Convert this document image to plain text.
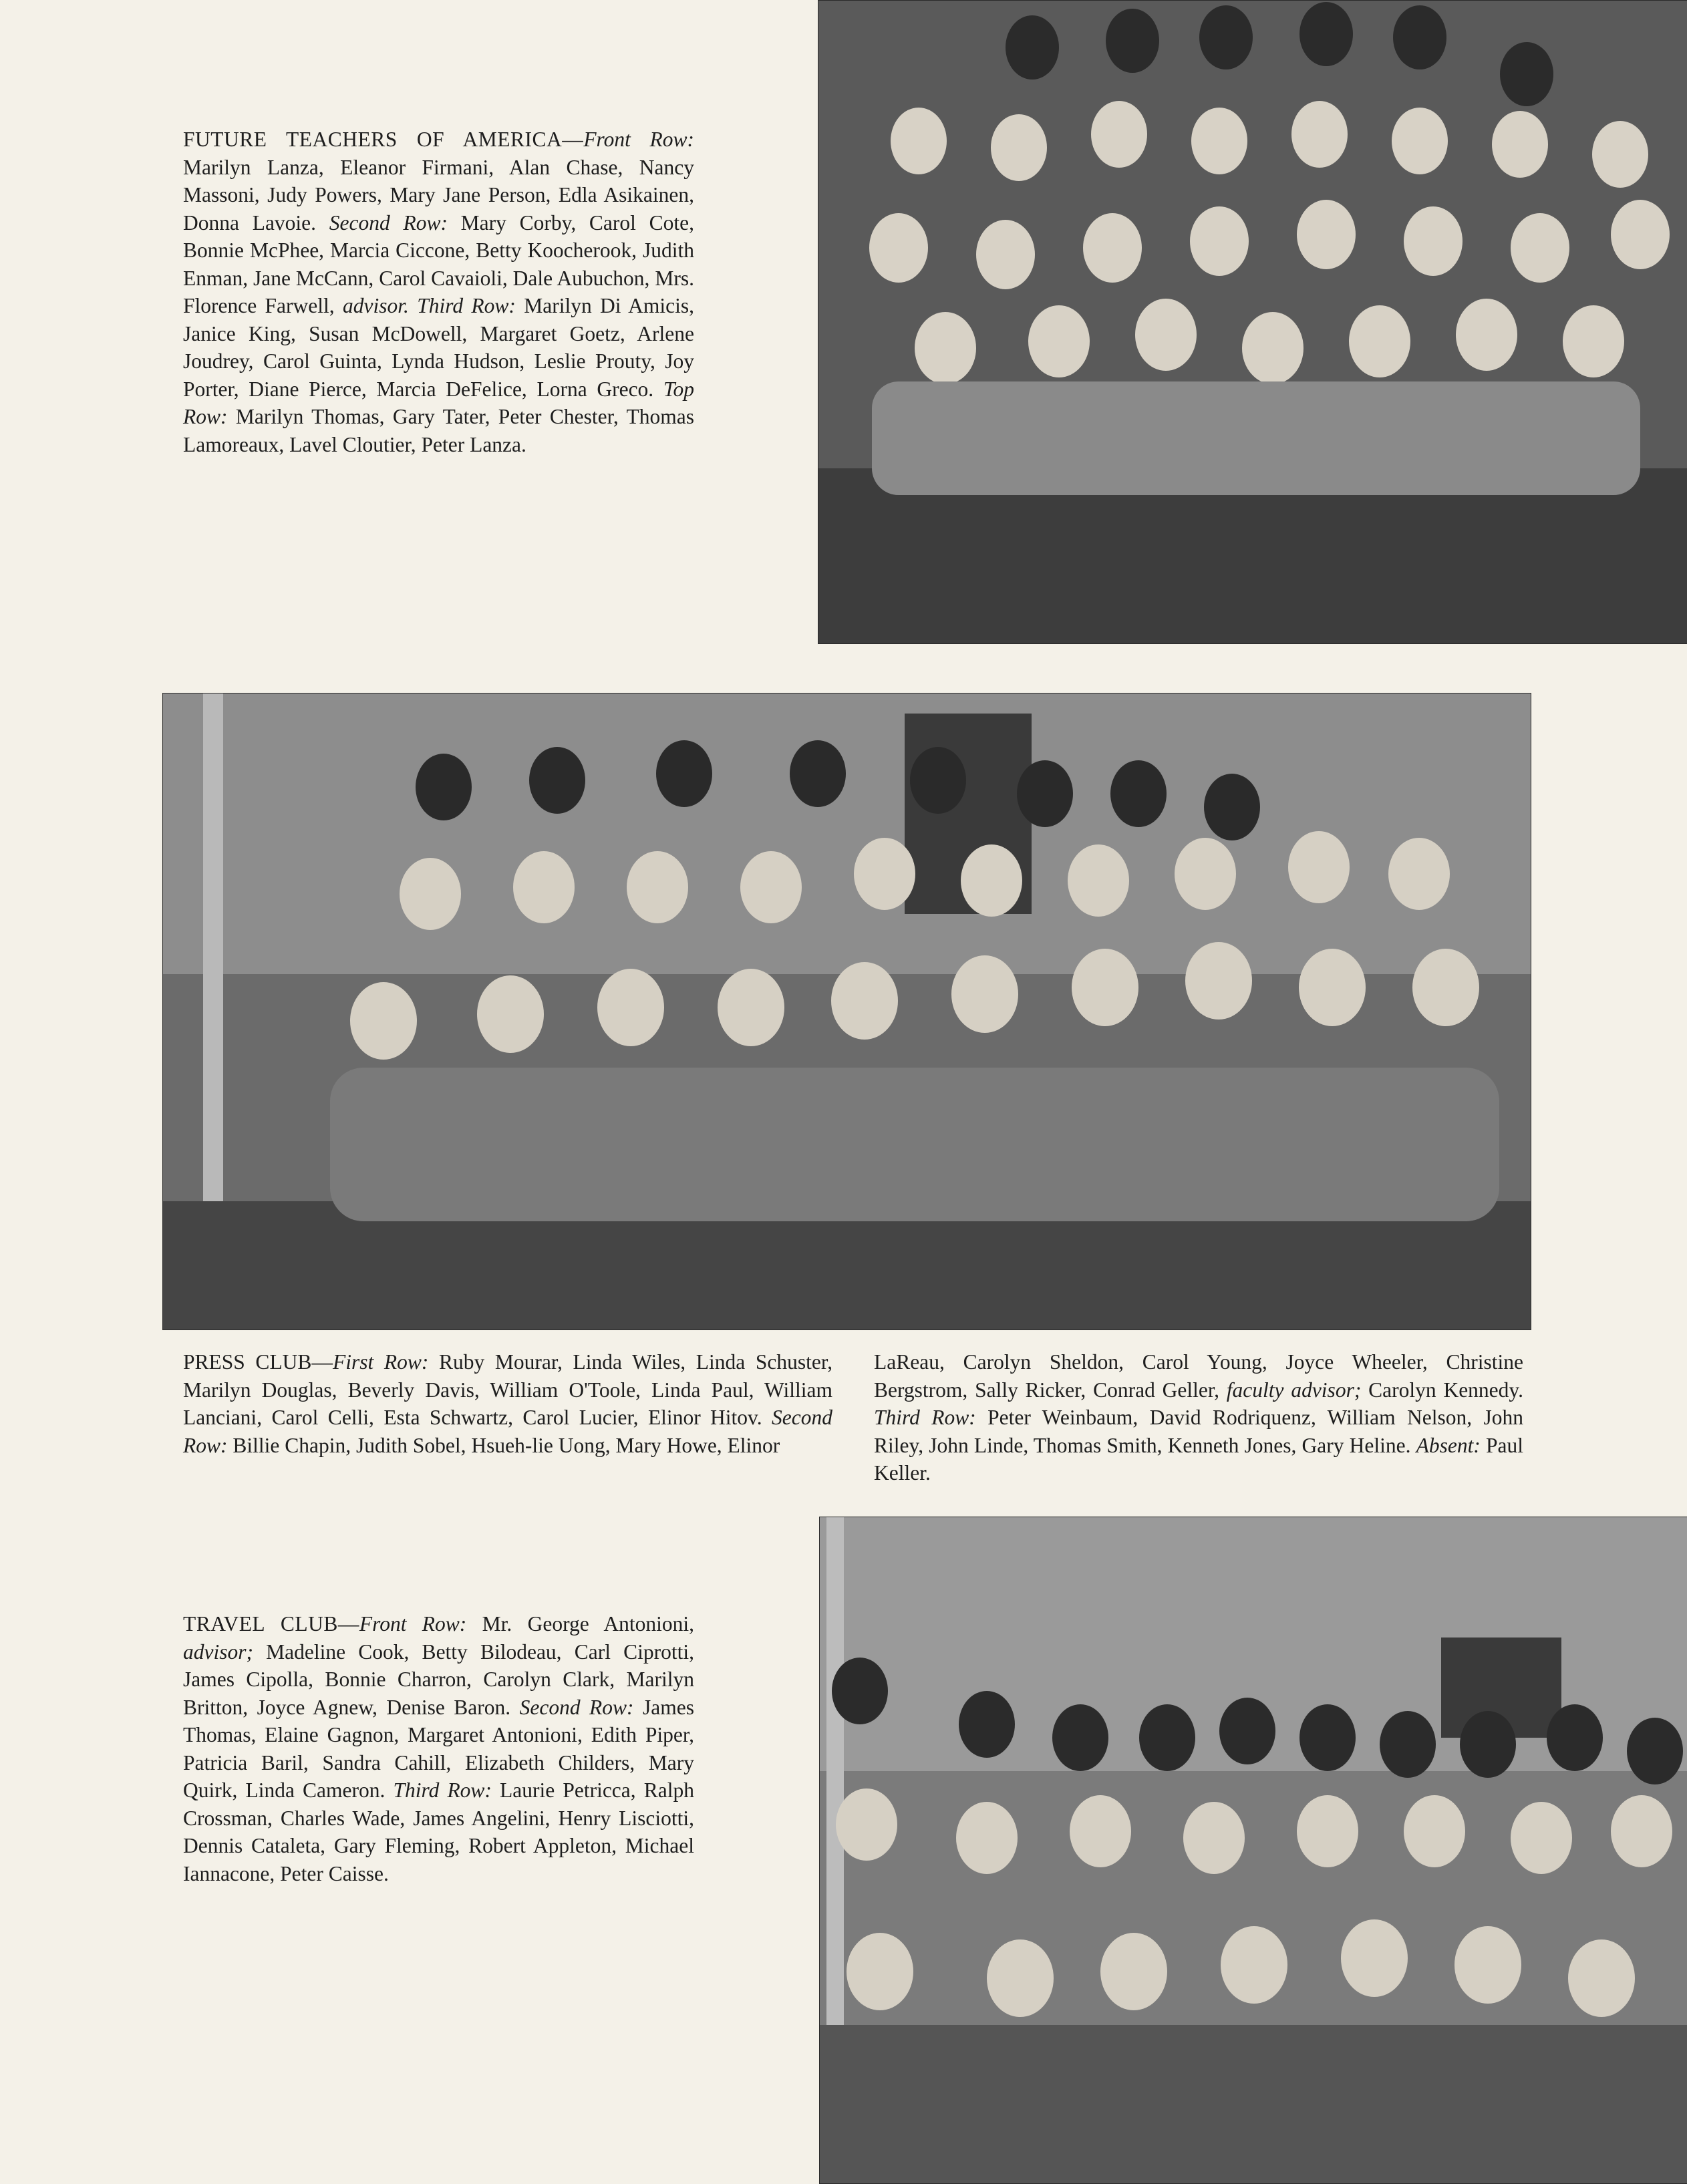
FUTURE TEACHERS OF AMERICA—Front Row: Marilyn Lanza, Eleanor Firmani, Alan Chase, Nancy Massoni, Judy Powers, Mary Jane Person, Edla Asikainen, Donna Lavoie. Second Row: Mary Corby, Carol Cote, Bonnie McPhee, Marcia Ciccone, Betty Koocherook, Judith Enman, Jane McCann, Carol Cavaioli, Dale Aubuchon, Mrs. Florence Farwell, advisor. Third Row: Marilyn Di Amicis, Janice King, Susan McDowell, Margaret Goetz, Arlene Joudrey, Carol Guinta, Lynda Hudson, Leslie Prouty, Joy Porter, Diane Pierce, Marcia DeFelice, Lorna Greco. Top Row: Marilyn Thomas, Gary Tater, Peter Chester, Thomas Lamoreaux, Lavel Cloutier, Peter Lanza.
PRESS CLUB—First Row: Ruby Mourar, Linda Wiles, Linda Schuster, Marilyn Douglas, Beverly Davis, William O'Toole, Linda Paul, William Lanciani, Carol Celli, Esta Schwartz, Carol Lucier, Elinor Hitov. Second Row: Billie Chapin, Judith Sobel, Hsueh-lie Uong, Mary Howe, Elinor
LaReau, Carolyn Sheldon, Carol Young, Joyce Wheeler, Christine Bergstrom, Sally Ricker, Conrad Geller, faculty advisor; Carolyn Kennedy. Third Row: Peter Weinbaum, David Rodriquenz, William Nelson, John Riley, John Linde, Thomas Smith, Kenneth Jones, Gary Heline. Absent: Paul Keller.
TRAVEL CLUB—Front Row: Mr. George Antonioni, advisor; Madeline Cook, Betty Bilodeau, Carl Ciprotti, James Cipolla, Bonnie Charron, Carolyn Clark, Marilyn Britton, Joyce Agnew, Denise Baron. Second Row: James Thomas, Elaine Gagnon, Margaret Antonioni, Edith Piper, Patricia Baril, Sandra Cahill, Elizabeth Childers, Mary Quirk, Linda Cameron. Third Row: Laurie Petricca, Ralph Crossman, Charles Wade, James Angelini, Henry Lisciotti, Dennis Cataleta, Gary Fleming, Robert Appleton, Michael Iannacone, Peter Caisse.
